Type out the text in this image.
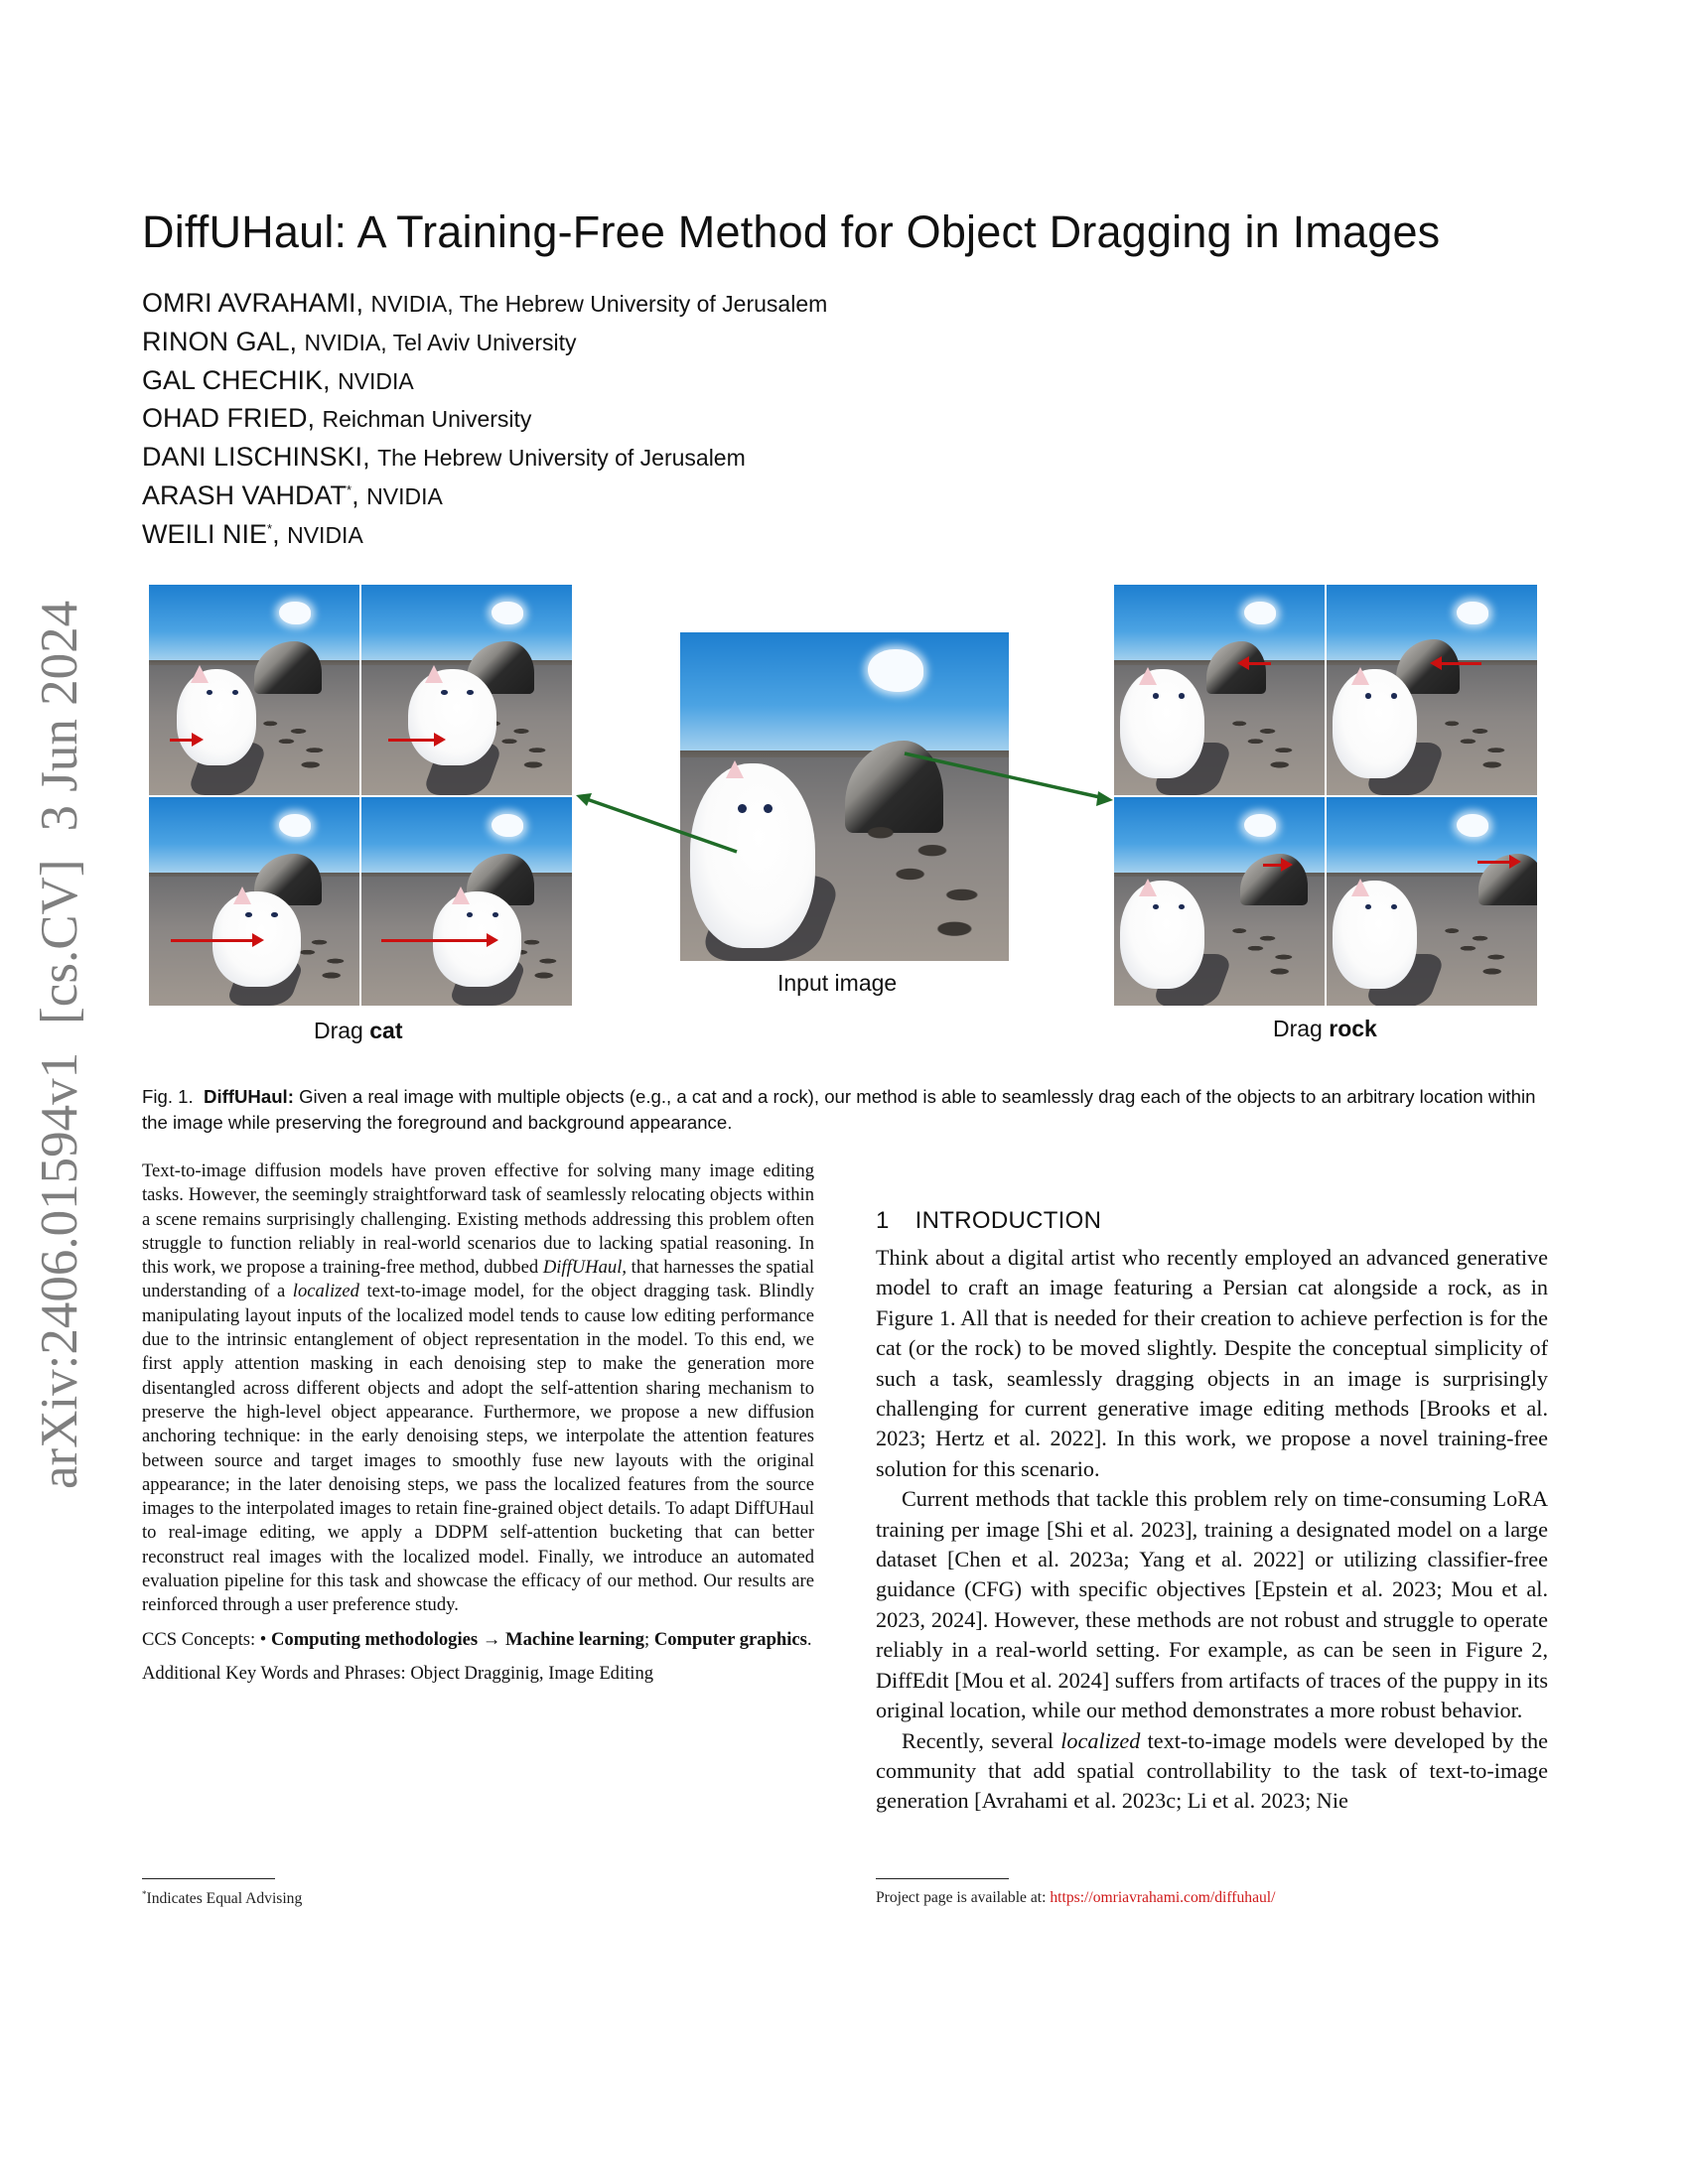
arXiv:2406.01594v1[cs.CV]3 Jun 2024
DiffUHaul: A Training-Free Method for Object Dragging in Images
OMRI AVRAHAMI, NVIDIA, The Hebrew University of Jerusalem
RINON GAL, NVIDIA, Tel Aviv University
GAL CHECHIK, NVIDIA
OHAD FRIED, Reichman University
DANI LISCHINSKI, The Hebrew University of Jerusalem
ARASH VAHDAT*, NVIDIA
WEILI NIE*, NVIDIA
Drag cat
Input image
Drag rock
Fig. 1. DiffUHaul: Given a real image with multiple objects (e.g., a cat and a rock), our method is able to seamlessly drag each of the objects to an arbitrary location within the image while preserving the foreground and background appearance.

Text-to-image diffusion models have proven effective for solving many image editing tasks. However, the seemingly straightforward task of seamlessly relocating objects within a scene remains surprisingly challenging. Existing methods addressing this problem often struggle to function reliably in real-world scenarios due to lacking spatial reasoning. In this work, we propose a training-free method, dubbed DiffUHaul, that harnesses the spatial understanding of a localized text-to-image model, for the object dragging task. Blindly manipulating layout inputs of the localized model tends to cause low editing performance due to the intrinsic entanglement of object representation in the model. To this end, we first apply attention masking in each denoising step to make the generation more disentangled across different objects and adopt the self-attention sharing mechanism to preserve the high-level object appearance. Furthermore, we propose a new diffusion anchoring technique: in the early denoising steps, we interpolate the attention features between source and target images to smoothly fuse new layouts with the original appearance; in the later denoising steps, we pass the localized features from the source images to the interpolated images to retain fine-grained object details. To adapt DiffUHaul to real-image editing, we apply a DDPM self-attention bucketing that can better reconstruct real images with the localized model. Finally, we introduce an automated evaluation pipeline for this task and showcase the efficacy of our method. Our results are reinforced through a user preference study.

CCS Concepts: • Computing methodologies → Machine learning; Computer graphics.

Additional Key Words and Phrases: Object Dragginig, Image Editing

*Indicates Equal Advising
1 INTRODUCTION

Think about a digital artist who recently employed an advanced generative model to craft an image featuring a Persian cat alongside a rock, as in Figure 1. All that is needed for their creation to achieve perfection is for the cat (or the rock) to be moved slightly. Despite the conceptual simplicity of such a task, seamlessly dragging objects in an image is surprisingly challenging for current generative image editing methods [Brooks et al. 2023; Hertz et al. 2022]. In this work, we propose a novel training-free solution for this scenario.

Current methods that tackle this problem rely on time-consuming LoRA training per image [Shi et al. 2023], training a designated model on a large dataset [Chen et al. 2023a; Yang et al. 2022] or utilizing classifier-free guidance (CFG) with specific objectives [Epstein et al. 2023; Mou et al. 2023, 2024]. However, these methods are not robust and struggle to operate reliably in a real-world setting. For example, as can be seen in Figure 2, DiffEdit [Mou et al. 2024] suffers from artifacts of traces of the puppy in its original location, while our method demonstrates a more robust behavior.

Recently, several localized text-to-image models were developed by the community that add spatial controllability to the task of text-to-image generation [Avrahami et al. 2023c; Li et al. 2023; Nie

Project page is available at: https://omriavrahami.com/diffuhaul/
